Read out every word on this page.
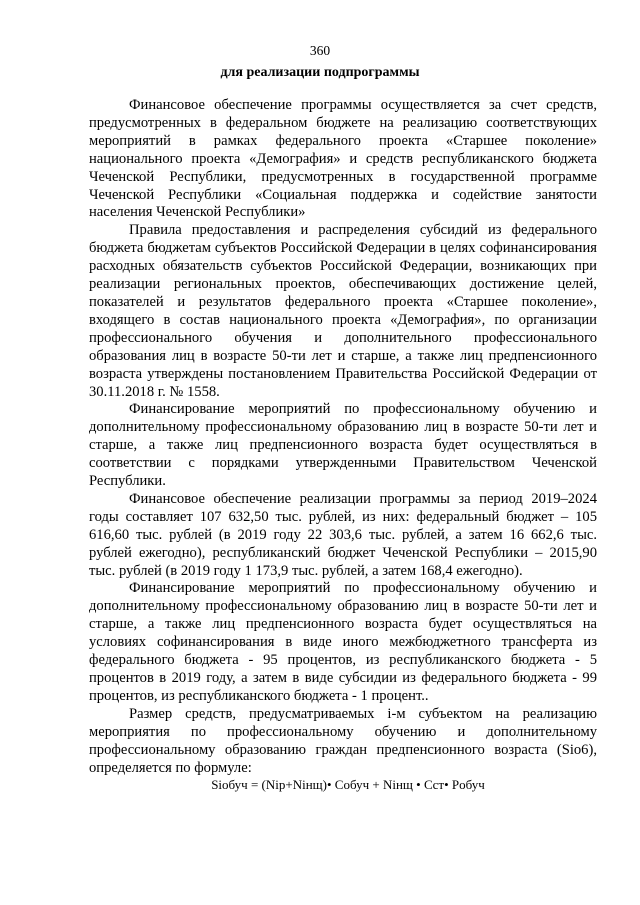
360
для реализации подпрограммы

Финансовое обеспечение программы осуществляется за счет средств, предусмотренных в федеральном бюджете на реализацию соответствующих мероприятий в рамках федерального проекта «Старшее поколение» национального проекта «Демография» и средств республиканского бюджета Чеченской Республики, предусмотренных в государственной программе Чеченской Республики «Социальная поддержка и содействие занятости населения Чеченской Республики»

Правила предоставления и распределения субсидий из федерального бюджета бюджетам субъектов Российской Федерации в целях софинансирования расходных обязательств субъектов Российской Федерации, возникающих при реализации региональных проектов, обеспечивающих достижение целей, показателей и результатов федерального проекта «Старшее поколение», входящего в состав национального проекта «Демография», по организации профессионального обучения и дополнительного профессионального образования лиц в возрасте 50-ти лет и старше, а также лиц предпенсионного возраста утверждены постановлением Правительства Российской Федерации от 30.11.2018 г. № 1558.

Финансирование мероприятий по профессиональному обучению и дополнительному профессиональному образованию лиц в возрасте 50-ти лет и старше, а также лиц предпенсионного возраста будет осуществляться в соответствии с порядками утвержденными Правительством Чеченской Республики.

Финансовое обеспечение реализации программы за период 2019–2024 годы составляет 107 632,50 тыс. рублей, из них: федеральный бюджет – 105 616,60 тыс. рублей (в 2019 году 22 303,6 тыс. рублей, а затем 16 662,6 тыс. рублей ежегодно), республиканский бюджет Чеченской Республики – 2015,90 тыс. рублей (в 2019 году 1 173,9 тыс. рублей, а затем 168,4 ежегодно).

Финансирование мероприятий по профессиональному обучению и дополнительному профессиональному образованию лиц в возрасте 50-ти лет и старше, а также лиц предпенсионного возраста будет осуществляться на условиях софинансирования в виде иного межбюджетного трансферта из федерального бюджета - 95 процентов, из республиканского бюджета - 5 процентов в 2019 году, а затем в виде субсидии из федерального бюджета - 99 процентов, из республиканского бюджета - 1 процент..

Размер средств, предусматриваемых i-м субъектом на реализацию мероприятия по профессиональному обучению и дополнительному профессиональному образованию граждан предпенсионного возраста (Sio6), определяется по формуле:

Siобуч = (Nip+Niнщ)• Cобуч + Niнщ • Cст• Pобуч
